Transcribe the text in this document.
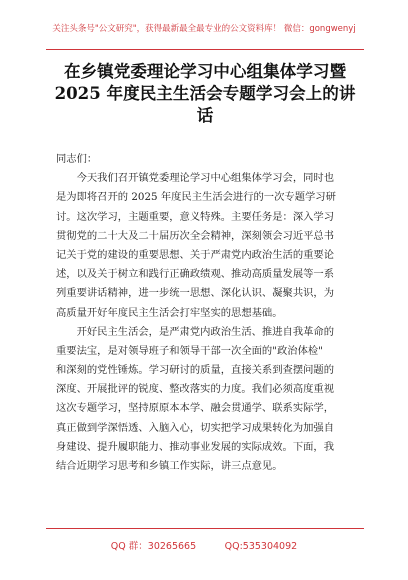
关注头条号"公文研究"，获得最新最全最专业的公文资料库！ 微信：gongwenyj
在乡镇党委理论学习中心组集体学习暨
2025 年度民主生活会专题学习会上的讲
话
同志们：
　　今天我们召开镇党委理论学习中心组集体学习会，同时也
是为即将召开的 2025 年度民主生活会进行的一次专题学习研
讨。这次学习，主题重要，意义特殊。主要任务是：深入学习
贯彻党的二十大及二十届历次全会精神，深刻领会习近平总书
记关于党的建设的重要思想、关于严肃党内政治生活的重要论
述，以及关于树立和践行正确政绩观、推动高质量发展等一系
列重要讲话精神，进一步统一思想、深化认识、凝聚共识，为
高质量开好年度民主生活会打牢坚实的思想基础。
　　开好民主生活会，是严肃党内政治生活、推进自我革命的
重要法宝，是对领导班子和领导干部一次全面的"政治体检"
和深刻的党性锤炼。学习研讨的质量，直接关系到查摆问题的
深度、开展批评的锐度、整改落实的力度。我们必须高度重视
这次专题学习，坚持原原本本学、融会贯通学、联系实际学，
真正做到学深悟透、入脑入心，切实把学习成果转化为加强自
身建设、提升履职能力、推动事业发展的实际成效。下面，我
结合近期学习思考和乡镇工作实际，讲三点意见。
QQ 群：30265665　　　QQ:535304092
